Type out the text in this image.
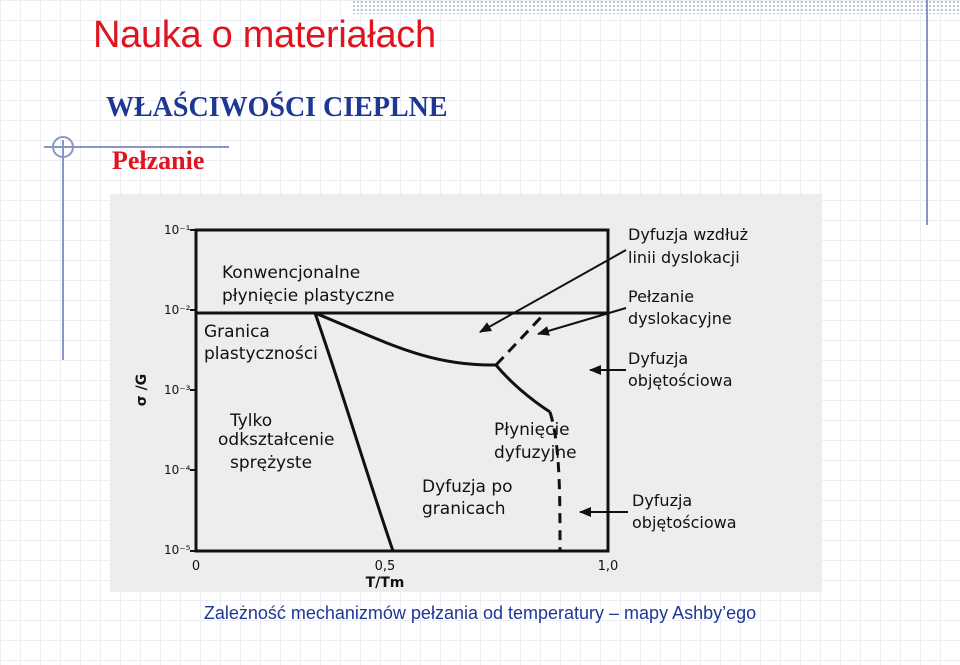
Nauka o materiałach
WŁAŚCIWOŚCI CIEPLNE
Pełzanie
10⁻¹
10⁻²
10⁻³
10⁻⁴
10⁻⁵
σ /G
0	0,5	1,0
T/Tm
Konwencjonalne
płynięcie plastyczne
Granica
plastyczności
Tylko
odkształcenie
sprężyste
Płynięcie
dyfuzyjne
Dyfuzja po
granicach
Dyfuzja wzdłuż
linii dyslokacji
Pełzanie
dyslokacyjne
Dyfuzja
objętościowa
Dyfuzja
objętościowa
Zależność mechanizmów pełzania od temperatury – mapy Ashby’ego
